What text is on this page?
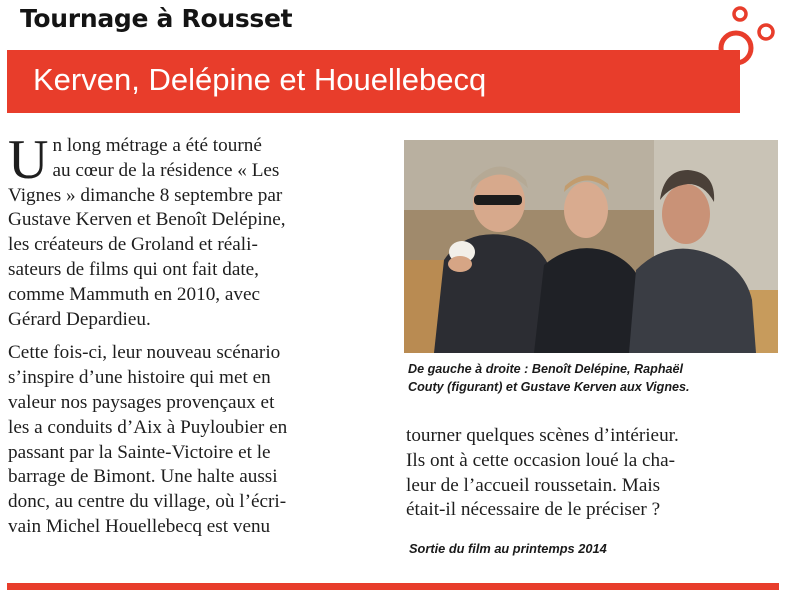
Tournage à Rousset
Kerven, Delépine et Houellebecq
U n long métrage a été tourné
au cœur de la résidence « Les
Vignes » dimanche 8 septembre par
Gustave Kerven et Benoît Delépine,
les créateurs de Groland et réali-
sateurs de films qui ont fait date,
comme Mammuth en 2010, avec
Gérard Depardieu.
Cette fois-ci, leur nouveau scénario
s’inspire d’une histoire qui met en
valeur nos paysages provençaux et
les a conduits d’Aix à Puyloubier en
passant par la Sainte-Victoire et le
barrage de Bimont. Une halte aussi
donc, au centre du village, où l’écri-
vain Michel Houellebecq est venu
De gauche à droite : Benoît Delépine, Raphaël
Couty (figurant) et Gustave Kerven aux Vignes.
tourner quelques scènes d’intérieur.
Ils ont à cette occasion loué la cha-
leur de l’accueil roussetain. Mais
était-il nécessaire de le préciser ?
Sortie du film au printemps 2014
